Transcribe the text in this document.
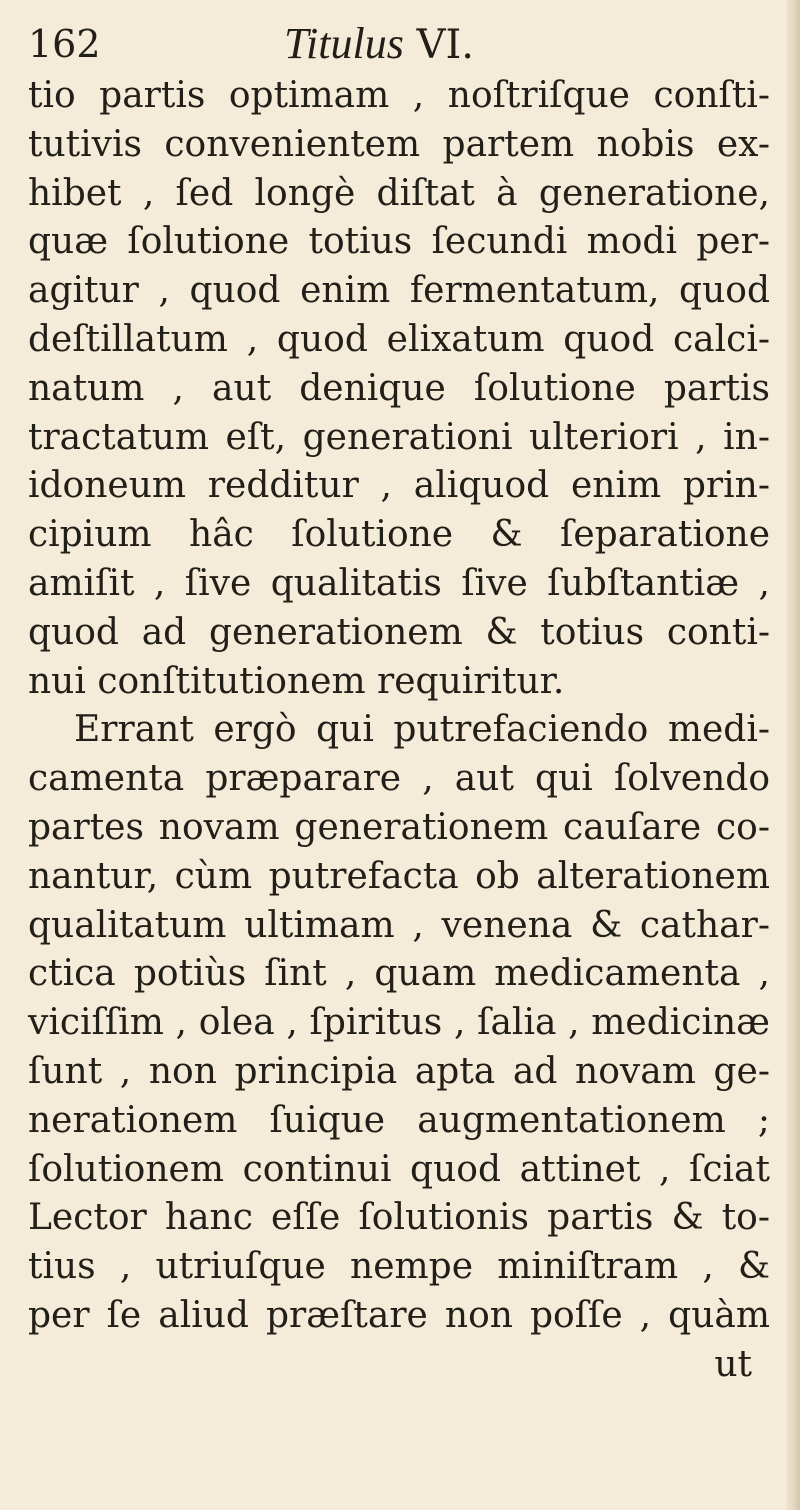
162	Titulus VI.
tio partis optimam , noſtriſque conſti-
tutivis convenientem partem nobis ex-
hibet , ſed longè diſtat à generatione,
quæ ſolutione totius ſecundi modi per-
agitur , quod enim fermentatum, quod
deſtillatum , quod elixatum quod calci-
natum , aut denique ſolutione partis
tractatum eſt, generationi ulteriori , in-
idoneum redditur , aliquod enim prin-
cipium hâc ſolutione & ſeparatione
amiſit , ſive qualitatis ſive ſubſtantiæ ,
quod ad generationem & totius conti-
nui conſtitutionem requiritur.
Errant ergò qui putrefaciendo medi-
camenta præparare , aut qui ſolvendo
partes novam generationem cauſare co-
nantur, cùm putrefacta ob alterationem
qualitatum ultimam , venena & cathar-
ctica potiùs ſint , quam medicamenta ,
viciſſim , olea , ſpiritus , ſalia , medicinæ
ſunt , non principia apta ad novam ge-
nerationem ſuique augmentationem ;
ſolutionem continui quod attinet , ſciat
Lector hanc eſſe ſolutionis partis & to-
tius , utriuſque nempe miniſtram , &
per ſe aliud præſtare non poſſe , quàm
ut
